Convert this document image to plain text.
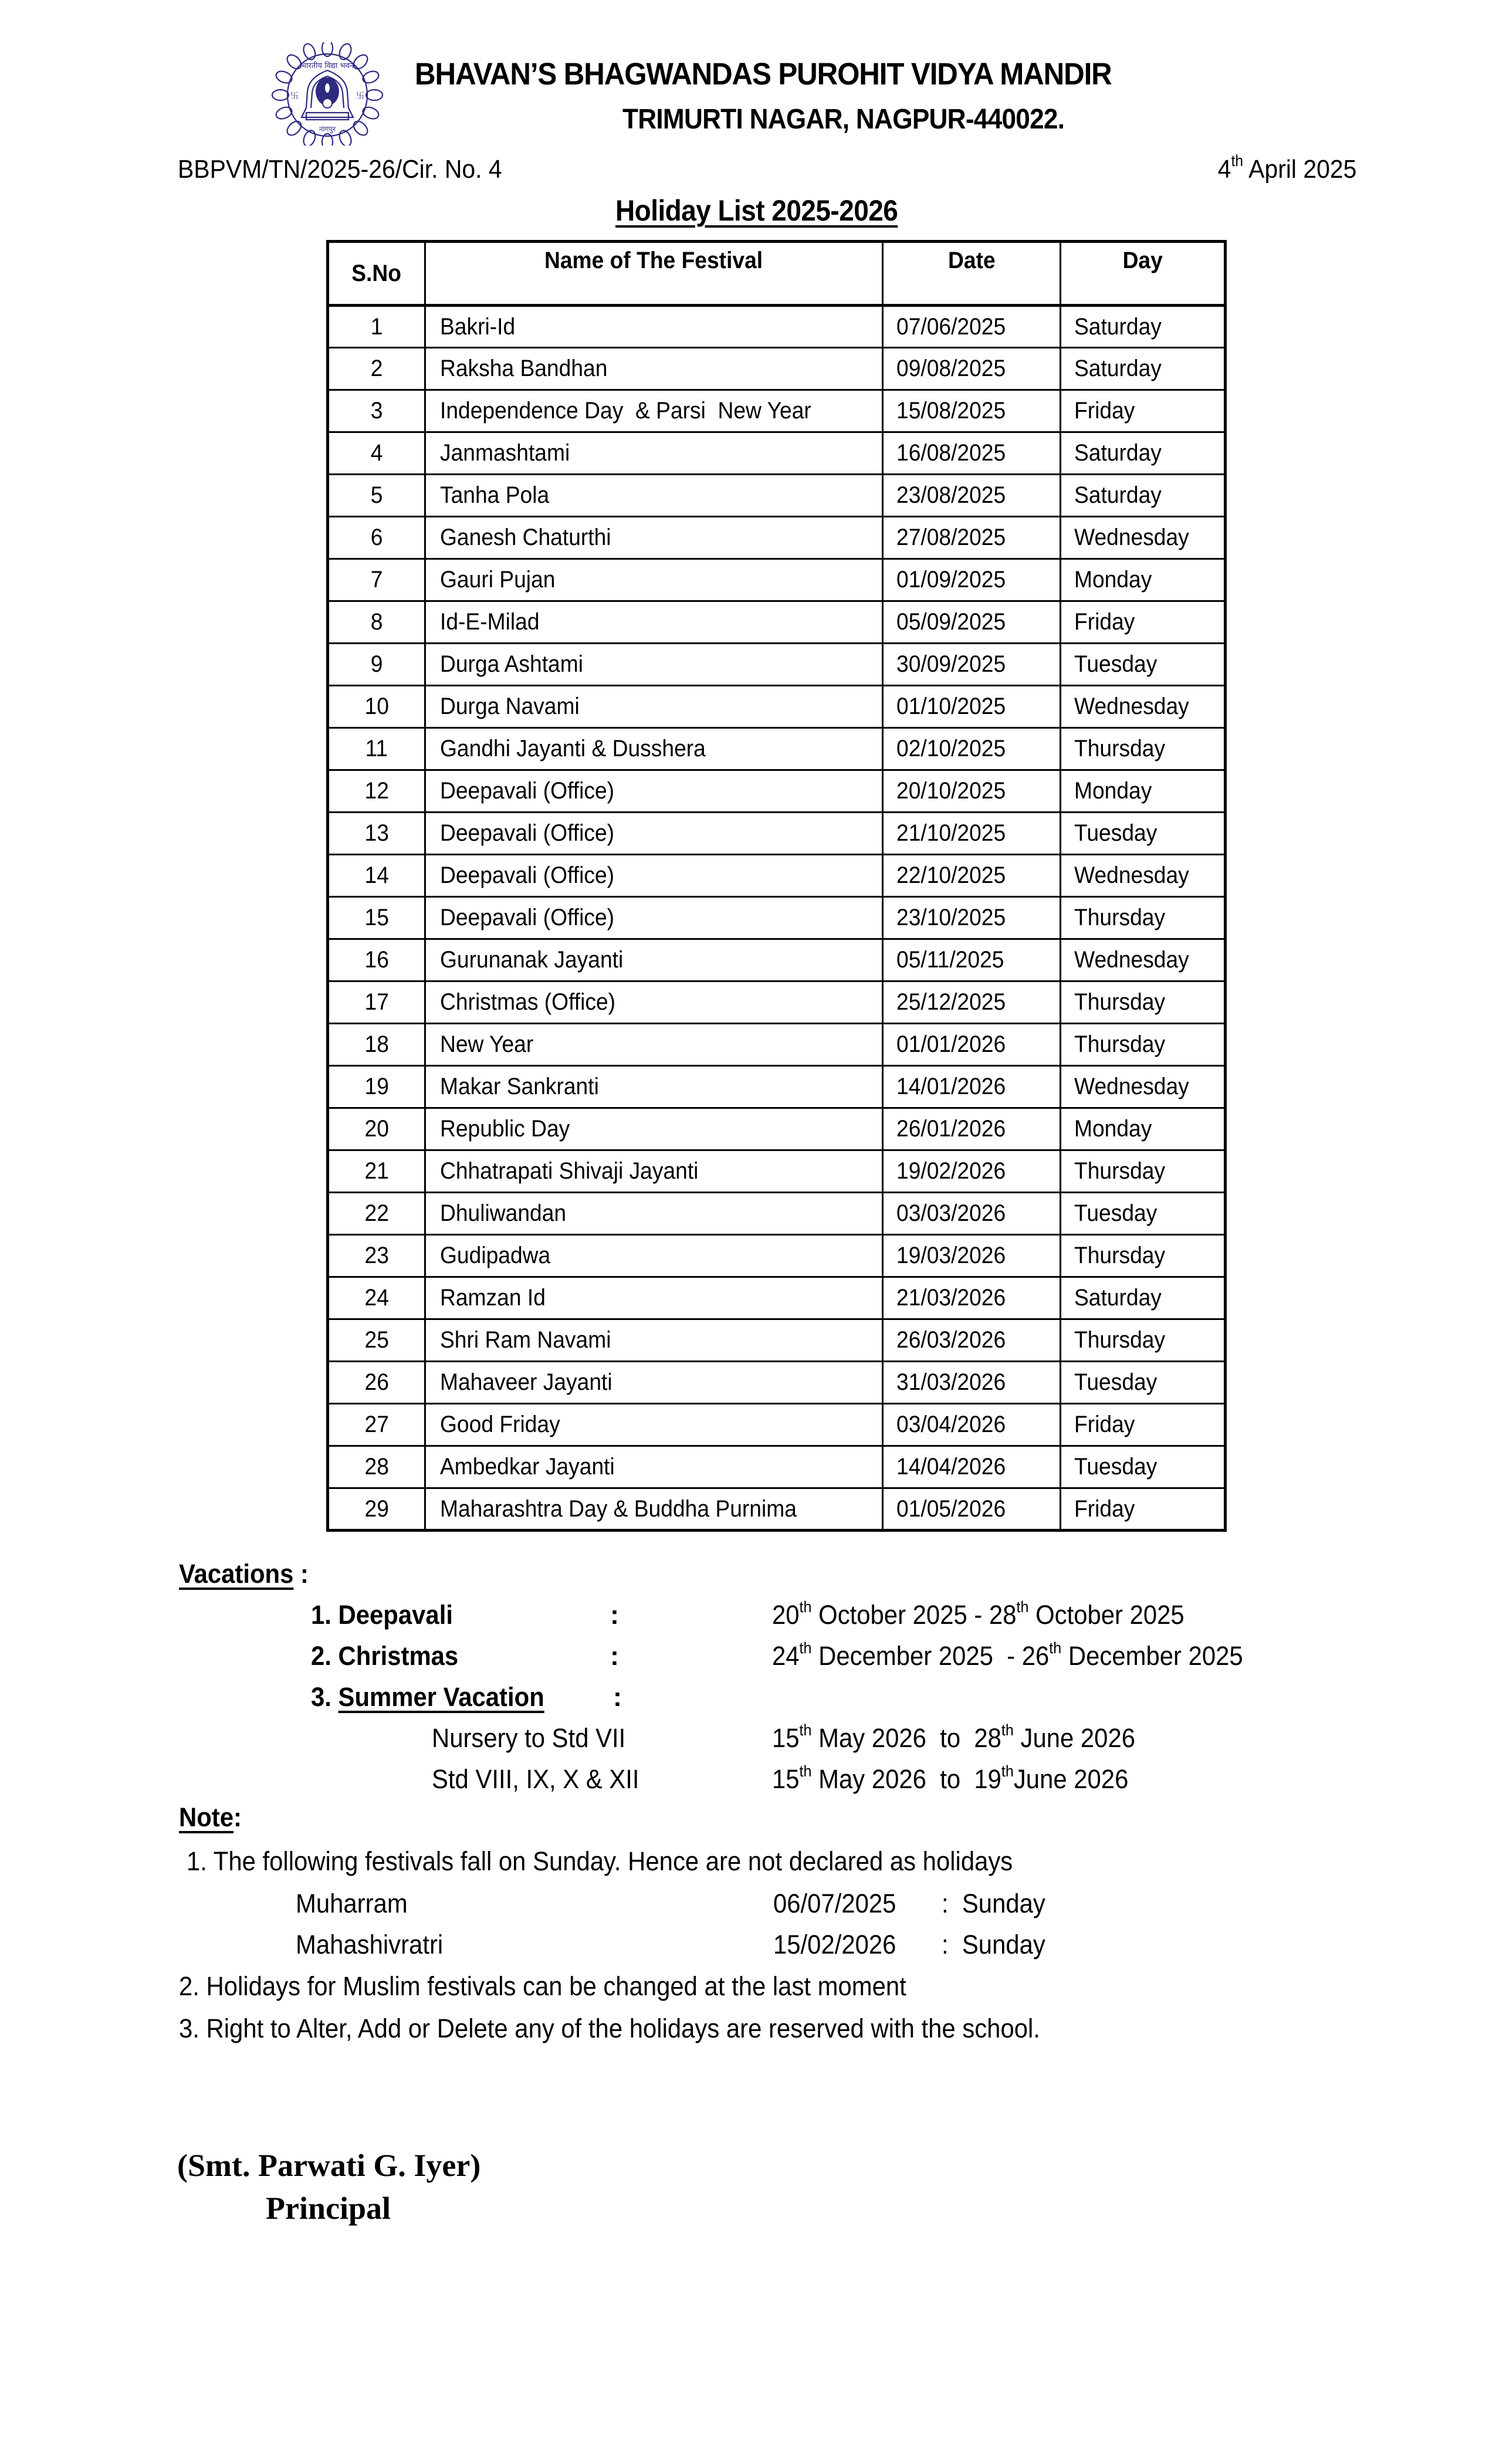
भारतीय विद्या भवन
नागपुर
卐	卐
BHAVAN’S BHAGWANDAS PUROHIT VIDYA MANDIR
TRIMURTI NAGAR, NAGPUR-440022.
BBPVM/TN/2025-26/Cir. No. 4	4th April 2025
Holiday List 2025-2026
S.No	Name of The Festival	Date	Day
1	Bakri-Id	07/06/2025	Saturday
2	Raksha Bandhan	09/08/2025	Saturday
3	Independence Day  & Parsi  New Year	15/08/2025	Friday
4	Janmashtami	16/08/2025	Saturday
5	Tanha Pola	23/08/2025	Saturday
6	Ganesh Chaturthi	27/08/2025	Wednesday
7	Gauri Pujan	01/09/2025	Monday
8	Id-E-Milad	05/09/2025	Friday
9	Durga Ashtami	30/09/2025	Tuesday
10	Durga Navami	01/10/2025	Wednesday
11	Gandhi Jayanti & Dusshera	02/10/2025	Thursday
12	Deepavali (Office)	20/10/2025	Monday
13	Deepavali (Office)	21/10/2025	Tuesday
14	Deepavali (Office)	22/10/2025	Wednesday
15	Deepavali (Office)	23/10/2025	Thursday
16	Gurunanak Jayanti	05/11/2025	Wednesday
17	Christmas (Office)	25/12/2025	Thursday
18	New Year	01/01/2026	Thursday
19	Makar Sankranti	14/01/2026	Wednesday
20	Republic Day	26/01/2026	Monday
21	Chhatrapati Shivaji Jayanti	19/02/2026	Thursday
22	Dhuliwandan	03/03/2026	Tuesday
23	Gudipadwa	19/03/2026	Thursday
24	Ramzan Id	21/03/2026	Saturday
25	Shri Ram Navami	26/03/2026	Thursday
26	Mahaveer Jayanti	31/03/2026	Tuesday
27	Good Friday	03/04/2026	Friday
28	Ambedkar Jayanti	14/04/2026	Tuesday
29	Maharashtra Day & Buddha Purnima	01/05/2026	Friday
Vacations :
1. Deepavali	:	20th October 2025 - 28th October 2025
2. Christmas	:	24th December 2025  - 26th December 2025
3. Summer Vacation	:
Nursery to Std VII	15th May 2026  to  28th June 2026
Std VIII, IX, X & XII	15th May 2026  to  19thJune 2026
Note:
1. The following festivals fall on Sunday. Hence are not declared as holidays
Muharram	06/07/2025 :  Sunday
Mahashivratri	15/02/2026 :  Sunday
2. Holidays for Muslim festivals can be changed at the last moment
3. Right to Alter, Add or Delete any of the holidays are reserved with the school.
(Smt. Parwati G. Iyer)
Principal
